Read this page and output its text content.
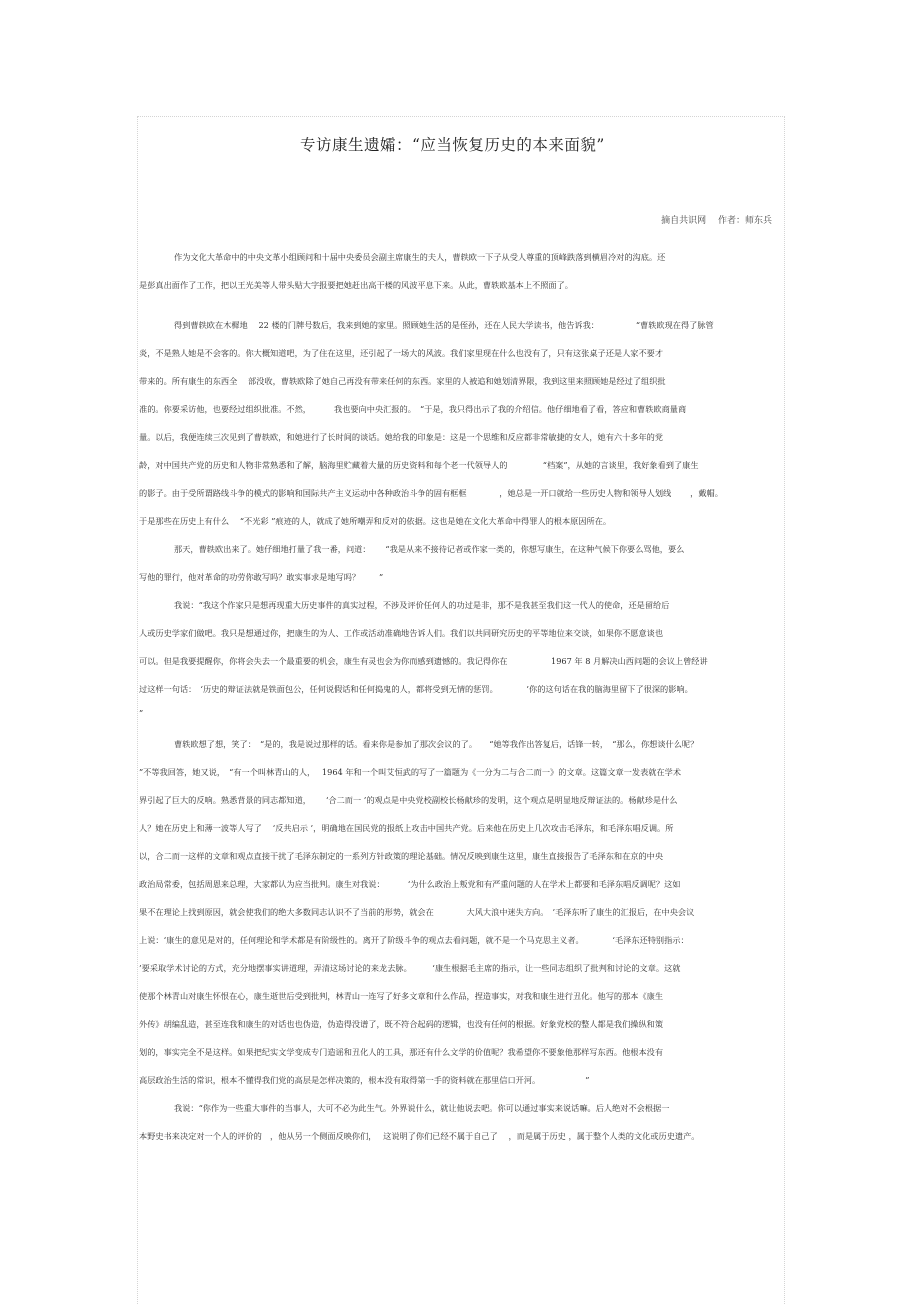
专访康生遗孀：“应当恢复历史的本来面貌”
摘自共识网　 作者：师东兵
作为文化大革命中的中央文革小组顾问和十届中央委员会副主席康生的夫人，曹轶欧一下子从受人尊重的顶峰跌落到横眉冷对的沟底。还
是彭真出面作了工作，把以王光美等人带头贴大字报要把她赶出高干楼的风波平息下来。从此，曹轶欧基本上不照面了。
得到曹轶欧在木樨地　 22 楼的门牌号数后，我来到她的家里。照顾她生活的是侄孙，还在人民大学读书，他告诉我：　　　　　“曹轶欧现在得了脉管
炎，不是熟人她是不会客的。你大概知道吧，为了住在这里，还引起了一场大的风波。我们家里现在什么也没有了，只有这张桌子还是人家不要才
带来的。所有康生的东西全　 部没收，曹轶欧除了她自己再没有带来任何的东西。家里的人被追和她划清界限，我到这里来照顾她是经过了组织批
准的。你要采访他，也要经过组织批准。不然，　　　 我也要向中央汇报的。　“于是，我只得出示了我的介绍信。他仔细地看了看，答应和曹轶欧商量商
量。以后，我便连续三次见到了曹轶欧，和她进行了长时间的谈话。她给我的印象是：这是一个思维和反应都非常敏捷的女人，她有六十多年的党
龄，对中国共产党的历史和人物非常熟悉和了解，脑海里贮藏着大量的历史资料和每个老一代领导人的　　　　 “档案”，从她的言谈里，我好象看到了康生
的影子。由于受所谓路线斗争的模式的影响和国际共产主义运动中各种政治斗争的固有框框　　　　，她总是一开口就给一些历史人物和领导人划线　　 ，戴帽。
于是那些在历史上有什么　 “不光彩 ”痕迹的人，就成了她所嘲弄和反对的依据。这也是她在文化大革命中得罪人的根本原因所在。
那天，曹轶欧出来了。她仔细地打量了我一番，问道：　　 “我是从来不接待记者或作家一类的，你想写康生，在这种气候下你要么骂他，要么
写他的罪行，他对革命的功劳你敢写吗？敢实事求是地写吗？　　 ”
我说：“我这个作家只是想再现重大历史事件的真实过程，不涉及评价任何人的功过是非，那不是我甚至我们这一代人的使命，还是留给后
人或历史学家们做吧。我只是想通过你，把康生的为人、工作或活动准确地告诉人们。我们以共同研究历史的平等地位来交谈，如果你不愿意谈也
可以。但是我要提醒你，你将会失去一个最重要的机会，康生有灵也会为你而感到遗憾的。我记得你在　　　　　 1967 年 8 月解决山西问题的会议上曾经讲
过这样一句话：　‘历史的辩证法就是铁面包公，任何说假话和任何捣鬼的人，都将受到无情的惩罚。　　　　’你的这句话在我的脑海里留下了很深的影响。
”
曹轶欧想了想，笑了：　“是的，我是说过那样的话。看来你是参加了那次会议的了。　　“她等我作出答复后，话锋一转，　“那么，你想谈什么呢？
”不等我回答，她又说，　“有一个叫林青山的人，　 1964 年和一个叫艾恒武的写了一篇题为《一分为二与合二而一》的文章。这篇文章一发表就在学术
界引起了巨大的反响。熟悉背景的同志都知道，　　 ‘合二而一 ’的观点是中央党校副校长杨献珍的发明，这个观点是明显地反辩证法的。杨献珍是什么
人？她在历史上和薄一波等人写了　 ‘反共启示 ’，明确地在国民党的报纸上攻击中国共产党。后来他在历史上几次攻击毛泽东，和毛泽东唱反调。所
以，合二而一这样的文章和观点直接干扰了毛泽东制定的一系列方针政策的理论基础。情况反映到康生这里，康生直接报告了毛泽东和在京的中央
政治局常委，包括周恩来总理，大家都认为应当批判。康生对我说：　　　 ‘为什么政治上叛党和有严重问题的人在学术上都要和毛泽东唱反调呢？这如
果不在理论上找到原因，就会使我们的绝大多数同志认识不了当前的形势，就会在　　　　大风大浪中迷失方向。　’毛泽东听了康生的汇报后，在中央会议
上说：‘康生的意见是对的，任何理论和学术都是有阶级性的。离开了阶级斗争的观点去看问题，就不是一个马克思主义者。　　　　‘毛泽东还特别指示：
’要采取学术讨论的方式，充分地摆事实讲道理，弄清这场讨论的来龙去脉。　　　‘康生根据毛主席的指示，让一些同志组织了批判和讨论的文章。这就
使那个林青山对康生怀恨在心，康生逝世后受到批判，林青山一连写了好多文章和什么作品，捏造事实，对我和康生进行丑化。他写的那本《康生
外传》胡编乱造，甚至连我和康生的对话也也伪造，伪造得没谱了，既不符合起码的逻辑，也没有任何的根据。好象党校的整人都是我们操纵和策
划的，事实完全不是这样。如果把纪实文学变成专门造谣和丑化人的工具，那还有什么文学的价值呢？我希望你不要象他那样写东西。他根本没有
高层政治生活的常识，根本不懂得我们党的高层是怎样决策的，根本没有取得第一手的资料就在那里信口开河。　　　　　　”
我说：“你作为一些重大事件的当事人，大可不必为此生气。外界说什么，就让他说去吧。你可以通过事实来说话嘛。后人绝对不会根据一
本野史书来决定对一个人的评价的　，他从另一个侧面反映你们，　 这说明了你们已经不属于自己了　 ，而是属于历史 ，属于整个人类的文化或历史遗产。
